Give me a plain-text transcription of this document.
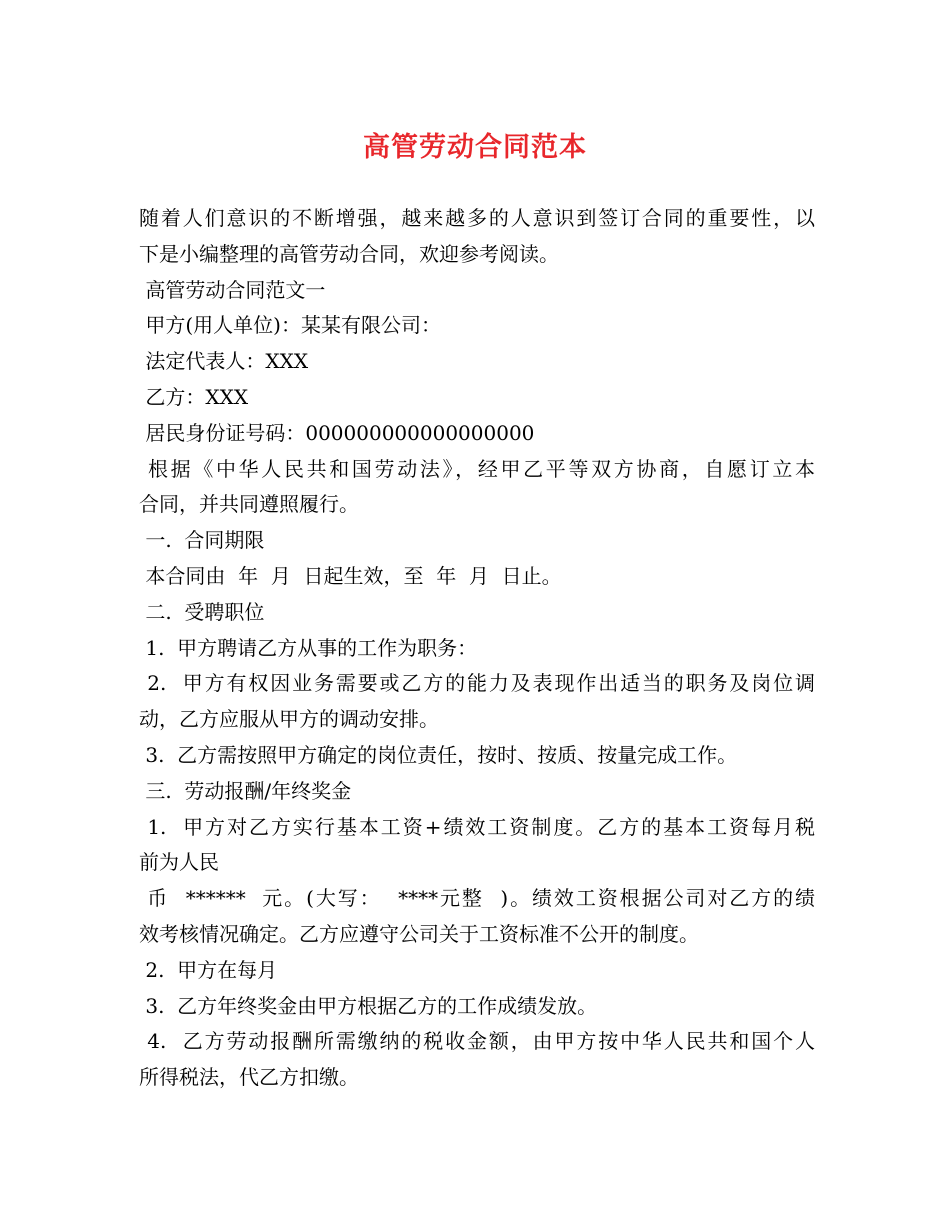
高管劳动合同范本
随着人们意识的不断增强，越来越多的人意识到签订合同的重要性，以
下是小编整理的高管劳动合同，欢迎参考阅读。
高管劳动合同范文一
甲方(用人单位)：某某有限公司：
法定代表人：XXX
乙方：XXX
居民身份证号码：000000000000000000
根据《中华人民共和国劳动法》，经甲乙平等双方协商，自愿订立本
合同，并共同遵照履行。
一.  合同期限
本合同由  年  月  日起生效，至  年  月  日止。
二.  受聘职位
1.  甲方聘请乙方从事的工作为职务：
2.  甲方有权因业务需要或乙方的能力及表现作出适当的职务及岗位调
动，乙方应服从甲方的调动安排。
3.  乙方需按照甲方确定的岗位责任，按时、按质、按量完成工作。
三.  劳动报酬/年终奖金
1.  甲方对乙方实行基本工资+绩效工资制度。乙方的基本工资每月税
前为人民
币  ******  元。(大写：  ****元整  )。绩效工资根据公司对乙方的绩
效考核情况确定。乙方应遵守公司关于工资标准不公开的制度。
2.  甲方在每月
3.  乙方年终奖金由甲方根据乙方的工作成绩发放。
4.  乙方劳动报酬所需缴纳的税收金额，由甲方按中华人民共和国个人
所得税法，代乙方扣缴。
